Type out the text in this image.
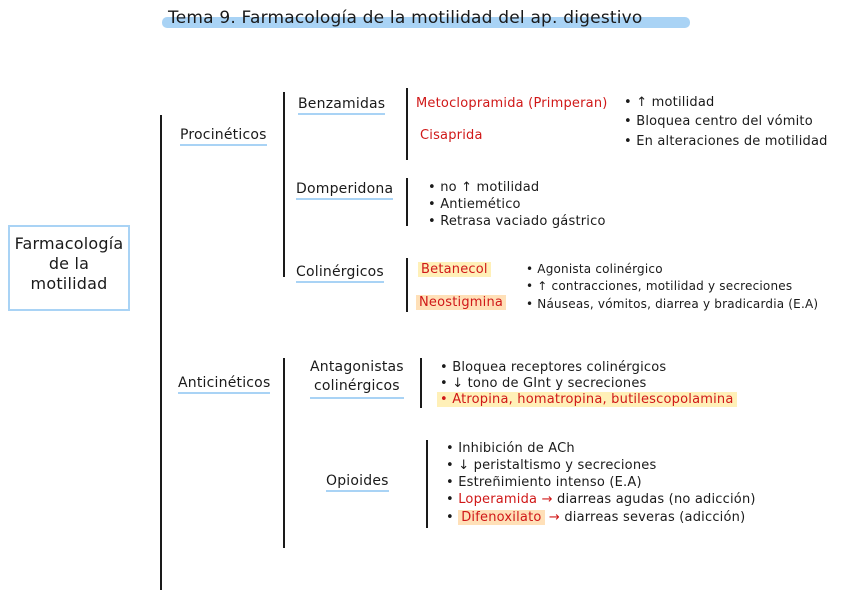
Tema 9. Farmacología de la motilidad del ap. digestivo
Farmacología
de la
motilidad
Procinéticos
Anticinéticos
Benzamidas Metoclopramida (Primperan)
Cisaprida
• ↑ motilidad
• Bloquea centro del vómito
• En alteraciones de motilidad
Domperidona	• no ↑ motilidad
• Antiemético
• Retrasa vaciado gástrico
Colinérgicos	Betanecol
Neostigmina
• Agonista colinérgico
• ↑ contracciones, motilidad y secreciones
• Náuseas, vómitos, diarrea y bradicardia (E.A)
Antagonistas
colinérgicos
• Bloquea receptores colinérgicos
• ↓ tono de GInt y secreciones
• Atropina, homatropina, butilescopolamina
Opioides
• Inhibición de ACh
• ↓ peristaltismo y secreciones
• Estreñimiento intenso (E.A)
• Loperamida → diarreas agudas (no adicción)
• Difenoxilato → diarreas severas (adicción)
